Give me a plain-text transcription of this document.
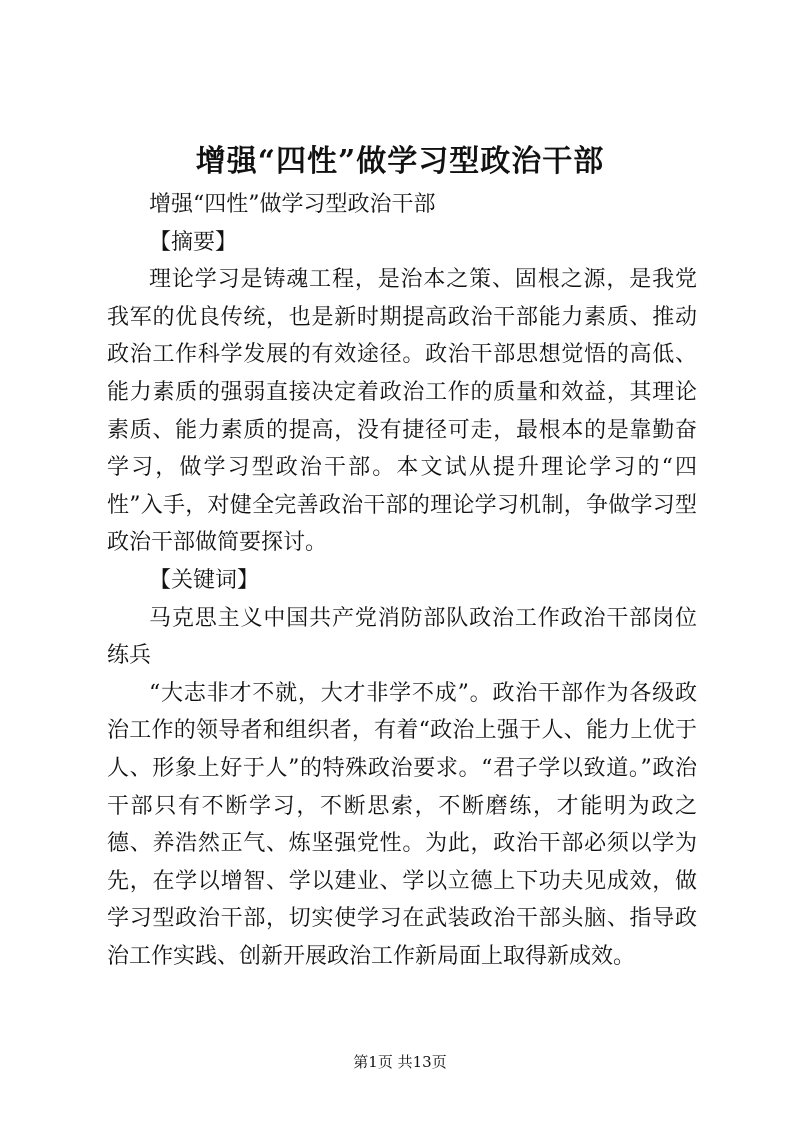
增强“四性”做学习型政治干部

增强“四性”做学习型政治干部

【摘要】

理论学习是铸魂工程，是治本之策、固根之源，是我党我军的优良传统，也是新时期提高政治干部能力素质、推动政治工作科学发展的有效途径。政治干部思想觉悟的高低、能力素质的强弱直接决定着政治工作的质量和效益，其理论素质、能力素质的提高，没有捷径可走，最根本的是靠勤奋学习，做学习型政治干部。本文试从提升理论学习的“四性”入手，对健全完善政治干部的理论学习机制，争做学习型政治干部做简要探讨。

【关键词】

马克思主义中国共产党消防部队政治工作政治干部岗位练兵

“大志非才不就，大才非学不成”。政治干部作为各级政治工作的领导者和组织者，有着“政治上强于人、能力上优于人、形象上好于人”的特殊政治要求。“君子学以致道。”政治干部只有不断学习，不断思索，不断磨练，才能明为政之德、养浩然正气、炼坚强党性。为此，政治干部必须以学为先，在学以增智、学以建业、学以立德上下功夫见成效，做学习型政治干部，切实使学习在武装政治干部头脑、指导政治工作实践、创新开展政治工作新局面上取得新成效。

第1页 共13页
